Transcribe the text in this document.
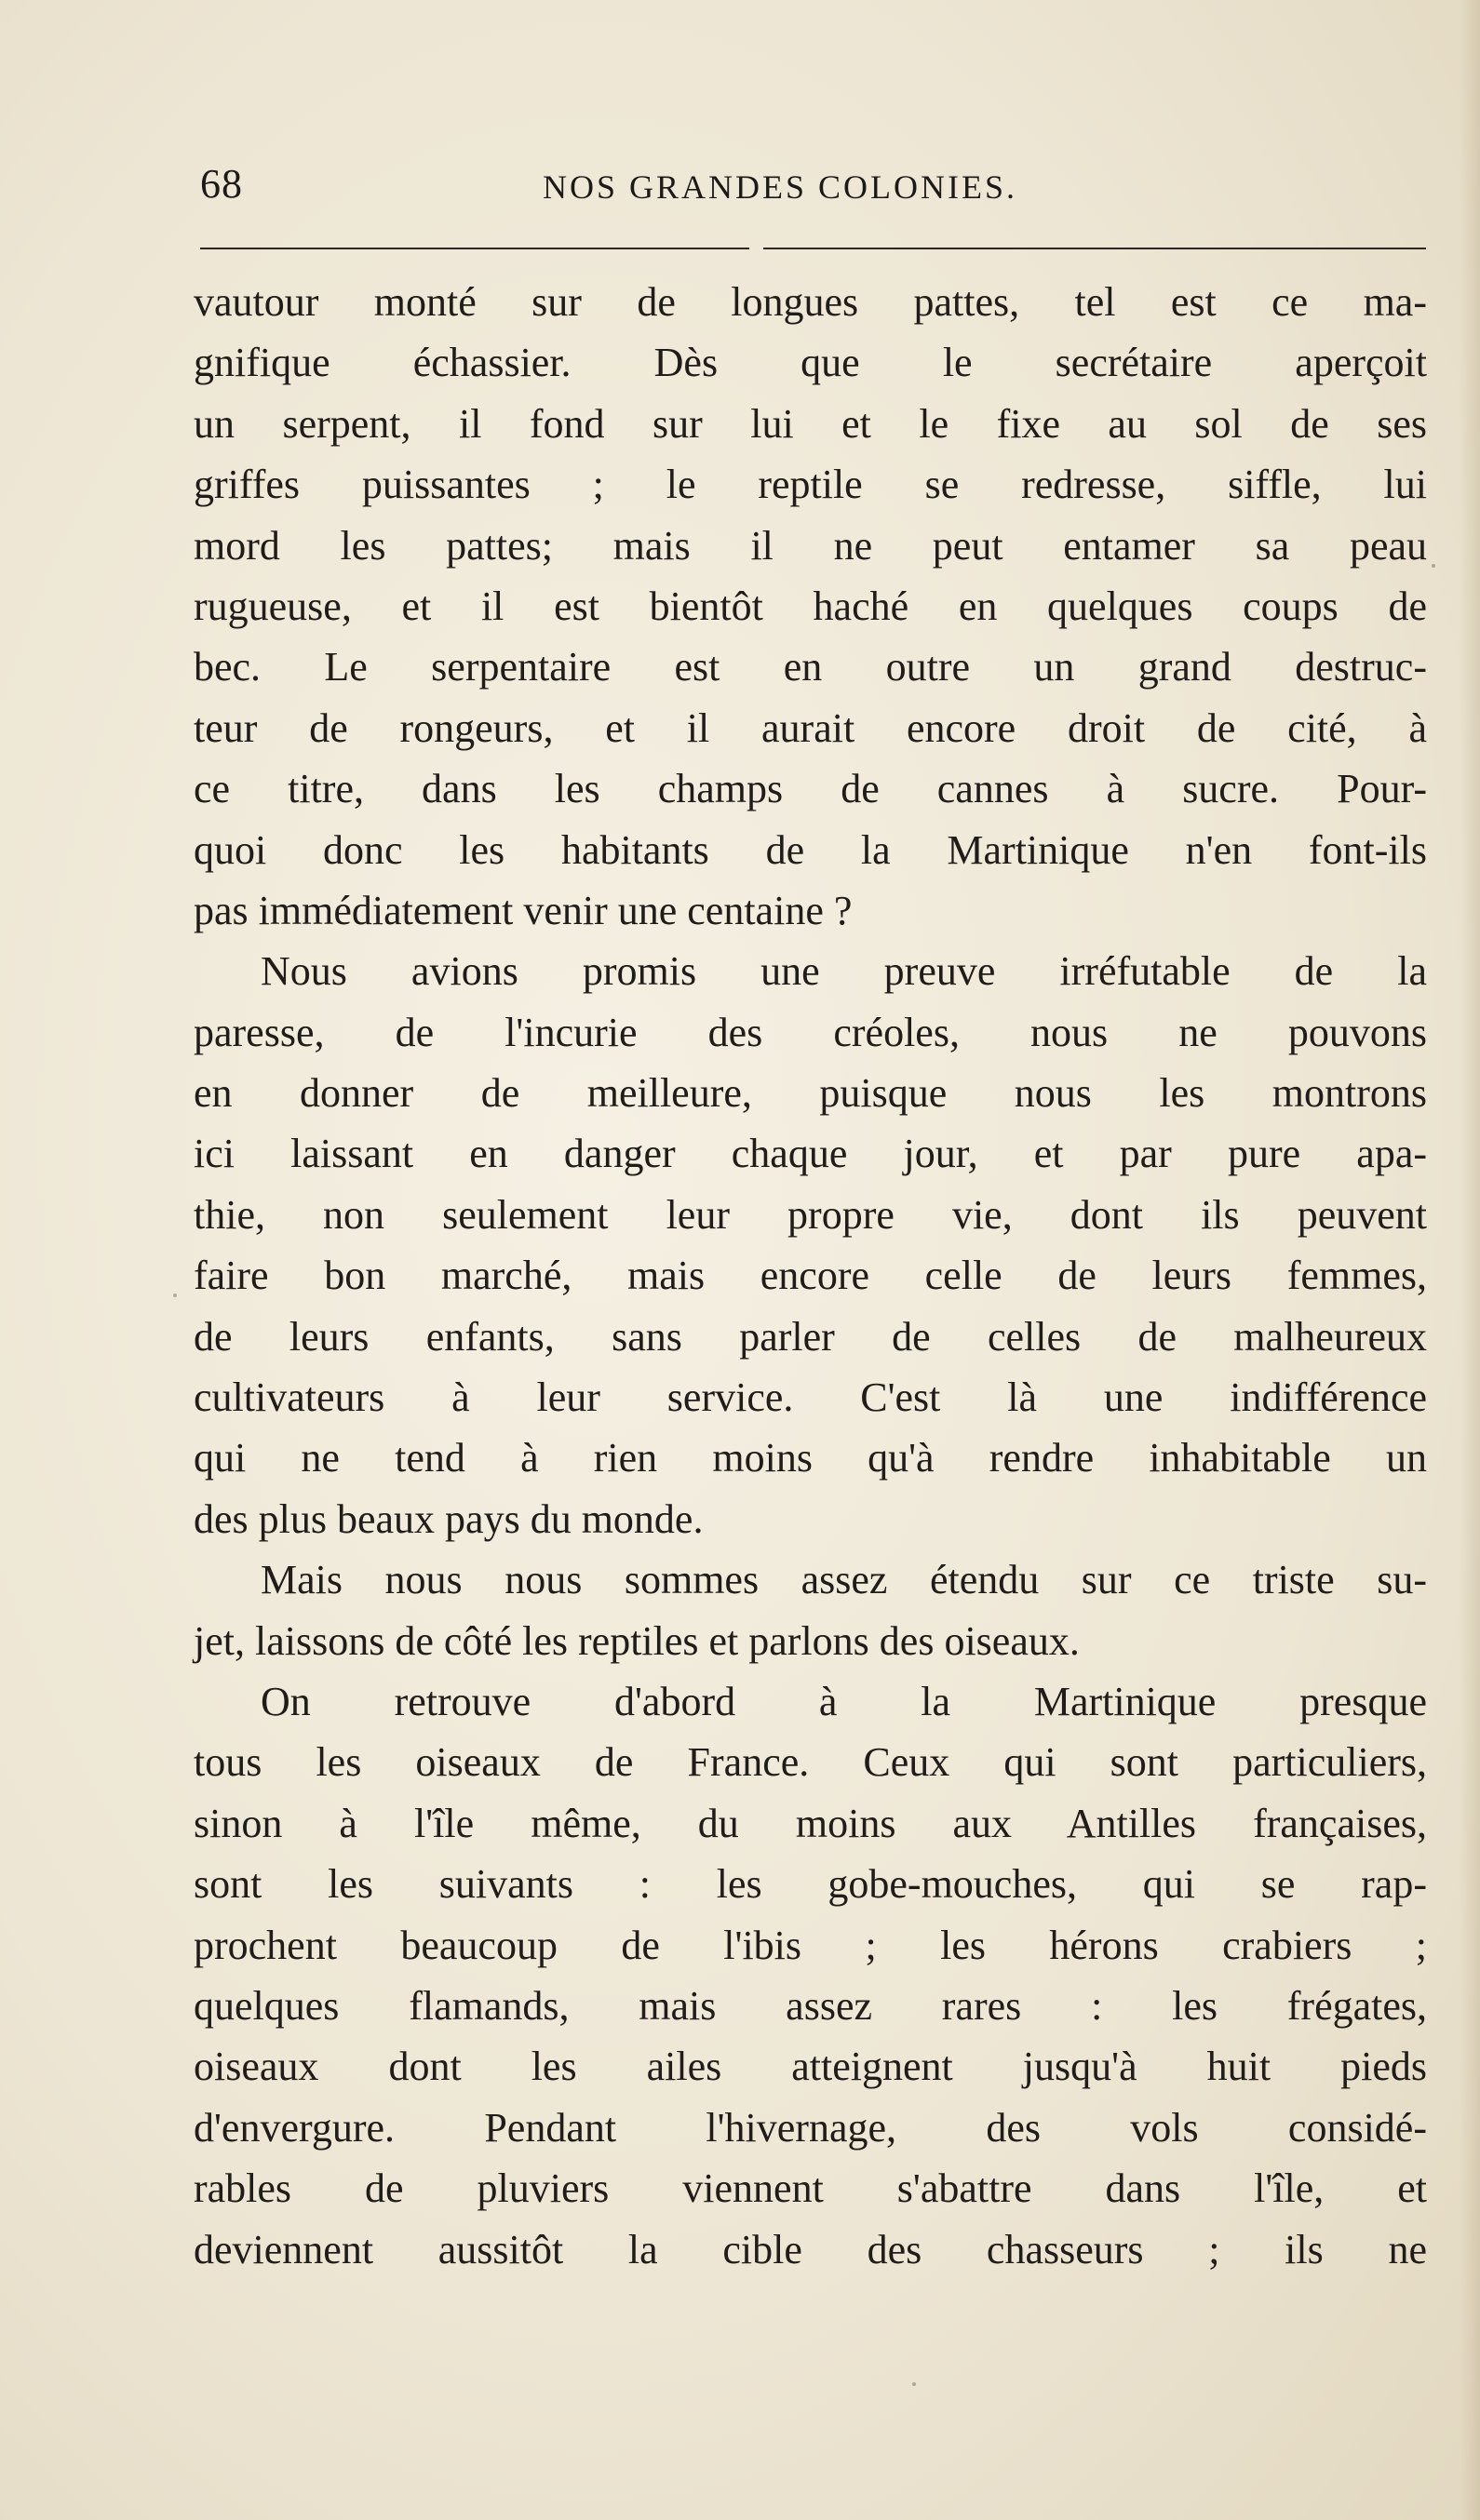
68	NOS GRANDES COLONIES.
vautour monté sur de longues pattes, tel est ce ma-
gnifique échassier. Dès que le secrétaire aperçoit
un serpent, il fond sur lui et le fixe au sol de ses
griffes puissantes ; le reptile se redresse, siffle, lui
mord les pattes; mais il ne peut entamer sa peau
rugueuse, et il est bientôt haché en quelques coups de
bec. Le serpentaire est en outre un grand destruc-
teur de rongeurs, et il aurait encore droit de cité, à
ce titre, dans les champs de cannes à sucre. Pour-
quoi donc les habitants de la Martinique n'en font-ils
pas immédiatement venir une centaine ?
Nous avions promis une preuve irréfutable de la
paresse, de l'incurie des créoles, nous ne pouvons
en donner de meilleure, puisque nous les montrons
ici laissant en danger chaque jour, et par pure apa-
thie, non seulement leur propre vie, dont ils peuvent
faire bon marché, mais encore celle de leurs femmes,
de leurs enfants, sans parler de celles de malheureux
cultivateurs à leur service. C'est là une indifférence
qui ne tend à rien moins qu'à rendre inhabitable un
des plus beaux pays du monde.
Mais nous nous sommes assez étendu sur ce triste su-
jet, laissons de côté les reptiles et parlons des oiseaux.
On retrouve d'abord à la Martinique presque
tous les oiseaux de France. Ceux qui sont particuliers,
sinon à l'île même, du moins aux Antilles françaises,
sont les suivants : les gobe-mouches, qui se rap-
prochent beaucoup de l'ibis ; les hérons crabiers ;
quelques flamands, mais assez rares : les frégates,
oiseaux dont les ailes atteignent jusqu'à huit pieds
d'envergure. Pendant l'hivernage, des vols considé-
rables de pluviers viennent s'abattre dans l'île, et
deviennent aussitôt la cible des chasseurs ; ils ne
